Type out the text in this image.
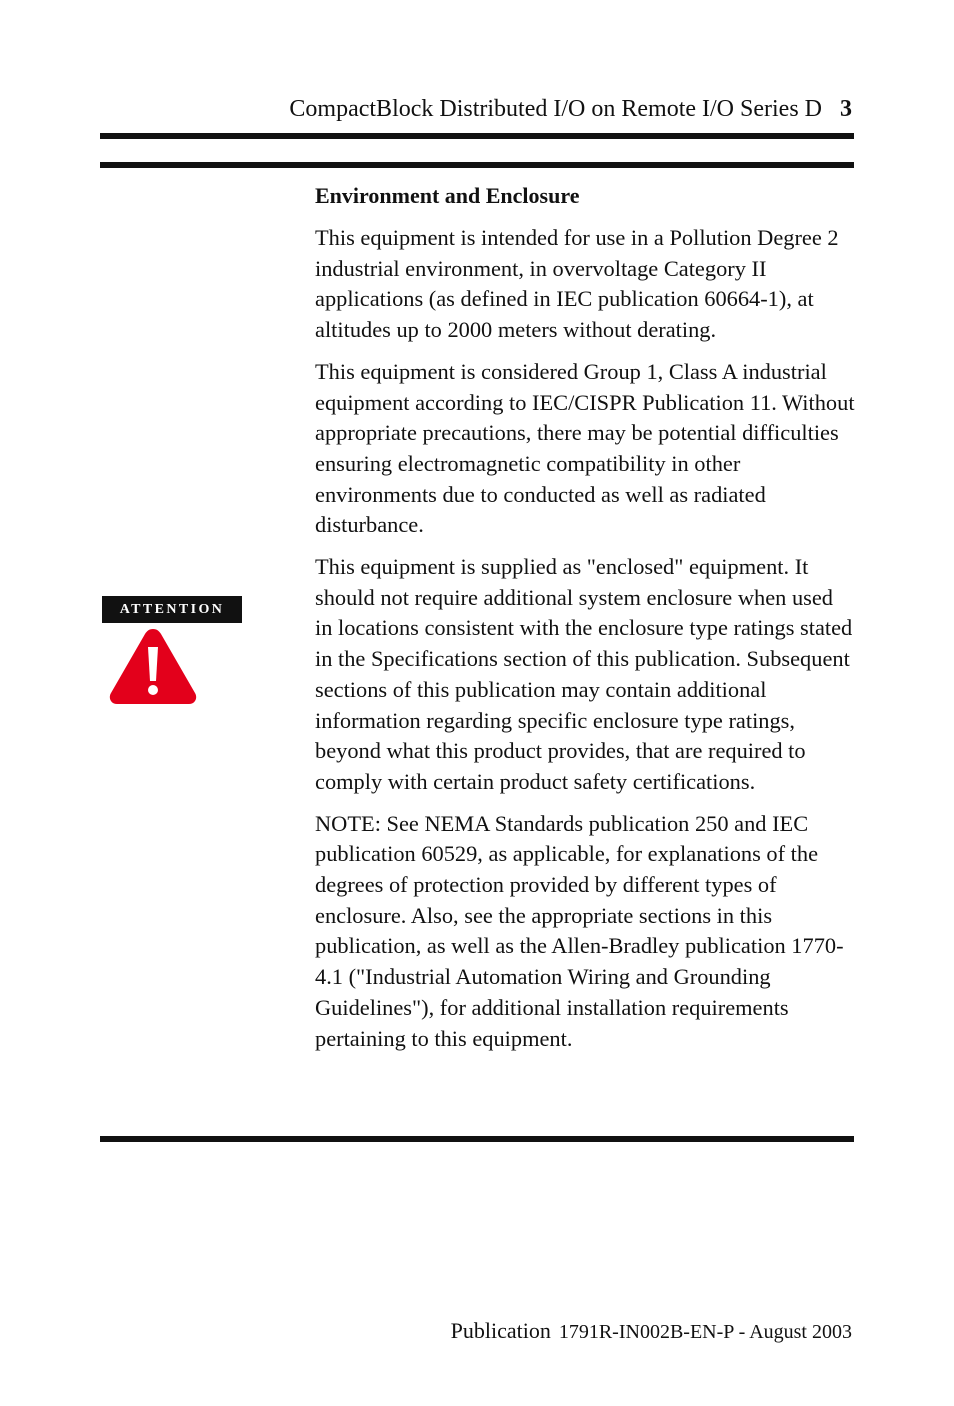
CompactBlock Distributed I/O on Remote I/O Series D 3
ATTENTION
Environment and Enclosure

This equipment is intended for use in a Pollution Degree 2 industrial environment, in overvoltage Category II applications (as defined in IEC publication 60664-1), at altitudes up to 2000 meters without derating.

This equipment is considered Group 1, Class A industrial equipment according to IEC/CISPR Publication 11. Without appropriate precautions, there may be potential difficulties ensuring electromagnetic compatibility in other environments due to conducted as well as radiated disturbance.

This equipment is supplied as "enclosed" equipment. It should not require additional system enclosure when used in locations consistent with the enclosure type ratings stated in the Specifications section of this publication. Subsequent sections of this publication may contain additional information regarding specific enclosure type ratings, beyond what this product provides, that are required to comply with certain product safety certifications.

NOTE: See NEMA Standards publication 250 and IEC publication 60529, as applicable, for explanations of the degrees of protection provided by different types of enclosure. Also, see the appropriate sections in this publication, as well as the Allen-Bradley publication 1770-4.1 ("Industrial Automation Wiring and Grounding Guidelines"), for additional installation requirements pertaining to this equipment.

Publication 1791R-IN002B-EN-P - August 2003
